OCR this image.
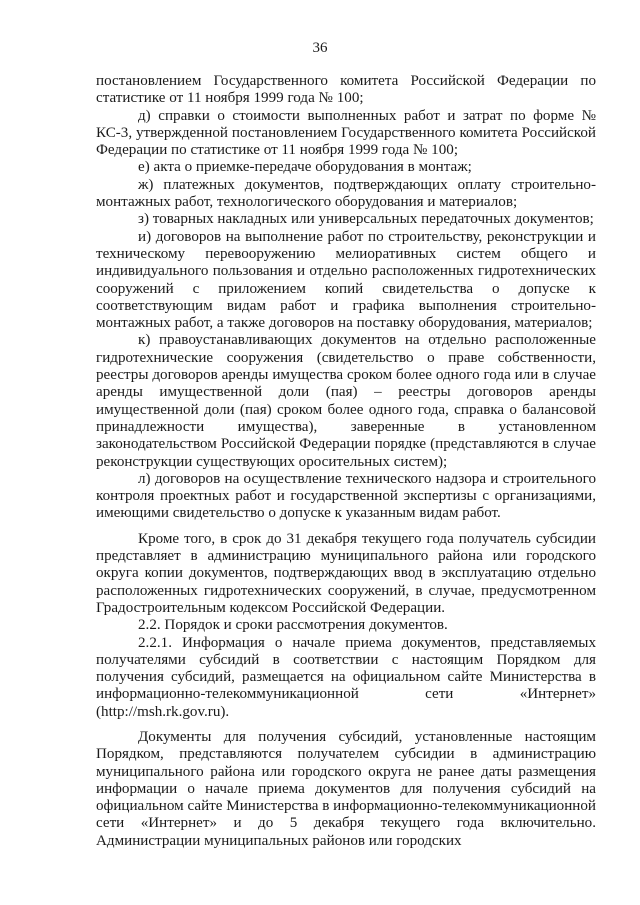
36

постановлением Государственного комитета Российской Федерации по статистике от 11 ноября 1999 года № 100;

д) справки о стоимости выполненных работ и затрат по форме № КС-3, утвержденной постановлением Государственного комитета Российской Федерации по статистике от 11 ноября 1999 года № 100;

е) акта о приемке-передаче оборудования в монтаж;

ж) платежных документов, подтверждающих оплату строительно-монтажных работ, технологического оборудования и материалов;

з) товарных накладных или универсальных передаточных документов;

и) договоров на выполнение работ по строительству, реконструкции и техническому перевооружению мелиоративных систем общего и индивидуального пользования и отдельно расположенных гидротехнических сооружений с приложением копий свидетельства о допуске к соответствующим видам работ и графика выполнения строительно-монтажных работ, а также договоров на поставку оборудования, материалов;

к) правоустанавливающих документов на отдельно расположенные гидротехнические сооружения (свидетельство о праве собственности, реестры договоров аренды имущества сроком более одного года или в случае аренды имущественной доли (пая) – реестры договоров аренды имущественной доли (пая) сроком более одного года, справка о балансовой принадлежности имущества), заверенные в установленном законодательством Российской Федерации порядке (представляются в случае реконструкции существующих оросительных систем);

л) договоров на осуществление технического надзора и строительного контроля проектных работ и государственной экспертизы с организациями, имеющими свидетельство о допуске к указанным видам работ.

Кроме того, в срок до 31 декабря текущего года получатель субсидии представляет в администрацию муниципального района или городского округа копии документов, подтверждающих ввод в эксплуатацию отдельно расположенных гидротехнических сооружений, в случае, предусмотренном Градостроительным кодексом Российской Федерации.

2.2. Порядок и сроки рассмотрения документов.

2.2.1. Информация о начале приема документов, представляемых получателями субсидий в соответствии с настоящим Порядком для получения субсидий, размещается на официальном сайте Министерства в информационно-телекоммуникационной сети «Интернет» (http://msh.rk.gov.ru).

Документы для получения субсидий, установленные настоящим Порядком, представляются получателем субсидии в администрацию муниципального района или городского округа не ранее даты размещения информации о начале приема документов для получения субсидий на официальном сайте Министерства в информационно-телекоммуникационной сети «Интернет» и до 5 декабря текущего года включительно. Администрации муниципальных районов или городских
